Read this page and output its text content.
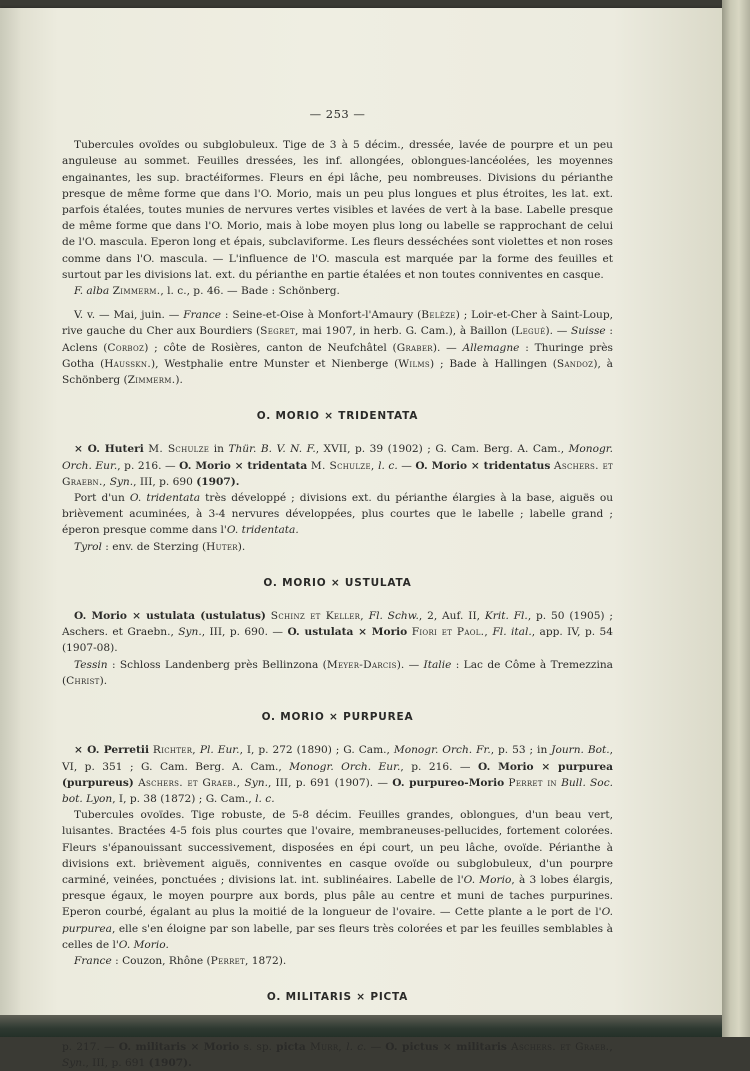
— 253 —

Tubercules ovoïdes ou subglobuleux. Tige de 3 à 5 décim., dressée, lavée de pourpre et un peu anguleuse au sommet. Feuilles dressées, les inf. allongées, oblongues-lancéolées, les moyennes engainantes, les sup. bractéiformes. Fleurs en épi lâche, peu nombreuses. Divisions du périanthe presque de même forme que dans l'O. Morio, mais un peu plus longues et plus étroites, les lat. ext. parfois étalées, toutes munies de nervures vertes visibles et lavées de vert à la base. Labelle presque de même forme que dans l'O. Morio, mais à lobe moyen plus long ou labelle se rapprochant de celui de l'O. mascula. Eperon long et épais, subclaviforme. Les fleurs desséchées sont violettes et non roses comme dans l'O. mascula. — L'influence de l'O. mascula est marquée par la forme des feuilles et surtout par les divisions lat. ext. du périanthe en partie étalées et non toutes conniventes en casque.

F. alba Zimmerm., l. c., p. 46. — Bade : Schönberg.

V. v. — Mai, juin. — France : Seine-et-Oise à Monfort-l'Amaury (Belèze) ; Loir-et-Cher à Saint-Loup, rive gauche du Cher aux Bourdiers (Segret, mai 1907, in herb. G. Cam.), à Baillon (Legué). — Suisse : Aclens (Corboz) ; côte de Rosières, canton de Neufchâtel (Graber). — Allemagne : Thuringe près Gotha (Hausskn.), Westphalie entre Munster et Nienberge (Wilms) ; Bade à Hallingen (Sandoz), à Schönberg (Zimmerm.).

O. MORIO × TRIDENTATA

× O. Huteri M. Schulze in Thür. B. V. N. F., XVII, p. 39 (1902) ; G. Cam. Berg. A. Cam., Monogr. Orch. Eur., p. 216. — O. Morio × tridentata M. Schulze, l. c. — O. Morio × tridentatus Aschers. et Graebn., Syn., III, p. 690 (1907).

Port d'un O. tridentata très développé ; divisions ext. du périanthe élargies à la base, aiguës ou brièvement acuminées, à 3-4 nervures développées, plus courtes que le labelle ; labelle grand ; éperon presque comme dans l'O. tridentata.

Tyrol : env. de Sterzing (Huter).

O. MORIO × USTULATA

O. Morio × ustulata (ustulatus) Schinz et Keller, Fl. Schw., 2, Auf. II, Krit. Fl., p. 50 (1905) ; Aschers. et Graebn., Syn., III, p. 690. — O. ustulata × Morio Fiori et Paol., Fl. ital., app. IV, p. 54 (1907-08).

Tessin : Schloss Landenberg près Bellinzona (Meyer-Darcis). — Italie : Lac de Côme à Tremezzina (Christ).

O. MORIO × PURPUREA

× O. Perretii Richter, Pl. Eur., I, p. 272 (1890) ; G. Cam., Monogr. Orch. Fr., p. 53 ; in Journ. Bot., VI, p. 351 ; G. Cam. Berg. A. Cam., Monogr. Orch. Eur., p. 216. — O. Morio × purpurea (purpureus) Aschers. et Graeb., Syn., III, p. 691 (1907). — O. purpureo-Morio Perret in Bull. Soc. bot. Lyon, I, p. 38 (1872) ; G. Cam., l. c.

Tubercules ovoïdes. Tige robuste, de 5-8 décim. Feuilles grandes, oblongues, d'un beau vert, luisantes. Bractées 4-5 fois plus courtes que l'ovaire, membraneuses-pellucides, fortement colorées. Fleurs s'épanouissant successivement, disposées en épi court, un peu lâche, ovoïde. Périanthe à divisions ext. brièvement aiguës, conniventes en casque ovoïde ou subglobuleux, d'un pourpre carminé, veinées, ponctuées ; divisions lat. int. sublinéaires. Labelle de l'O. Morio, à 3 lobes élargis, presque égaux, le moyen pourpre aux bords, plus pâle au centre et muni de taches purpurines. Eperon courbé, égalant au plus la moitié de la longueur de l'ovaire. — Cette plante a le port de l'O. purpurea, elle s'en éloigne par son labelle, par ses fleurs très colorées et par les feuilles semblables à celles de l'O. Morio.

France : Couzon, Rhône (Perret, 1872).

O. MILITARIS × PICTA

p. 217. — O. militaris × Morio s. sp. picta Murr, l. c. — O. pictus × militaris Aschers. et Graeb., Syn., III, p. 691 (1907).
